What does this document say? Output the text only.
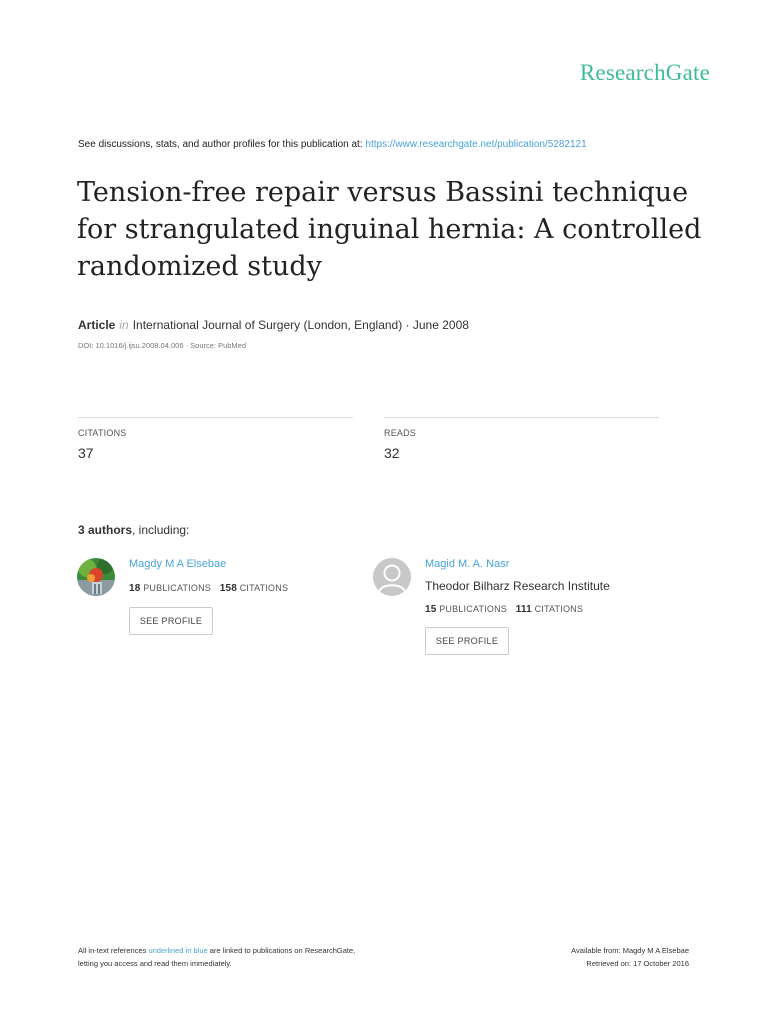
ResearchGate
See discussions, stats, and author profiles for this publication at: https://www.researchgate.net/publication/5282121
Tension-free repair versus Bassini technique
for strangulated inguinal hernia: A controlled
randomized study
Article in International Journal of Surgery (London, England) · June 2008
DOI: 10.1016/j.ijsu.2008.04.006 · Source: PubMed
CITATIONS
37
READS
32
3 authors, including:
Magdy M A Elsebae
18 PUBLICATIONS 158 CITATIONS
SEE PROFILE
Magid M. A. Nasr
Theodor Bilharz Research Institute
15 PUBLICATIONS 111 CITATIONS
SEE PROFILE
All in-text references underlined in blue are linked to publications on ResearchGate,
letting you access and read them immediately.
Available from: Magdy M A Elsebae
Retrieved on: 17 October 2016
